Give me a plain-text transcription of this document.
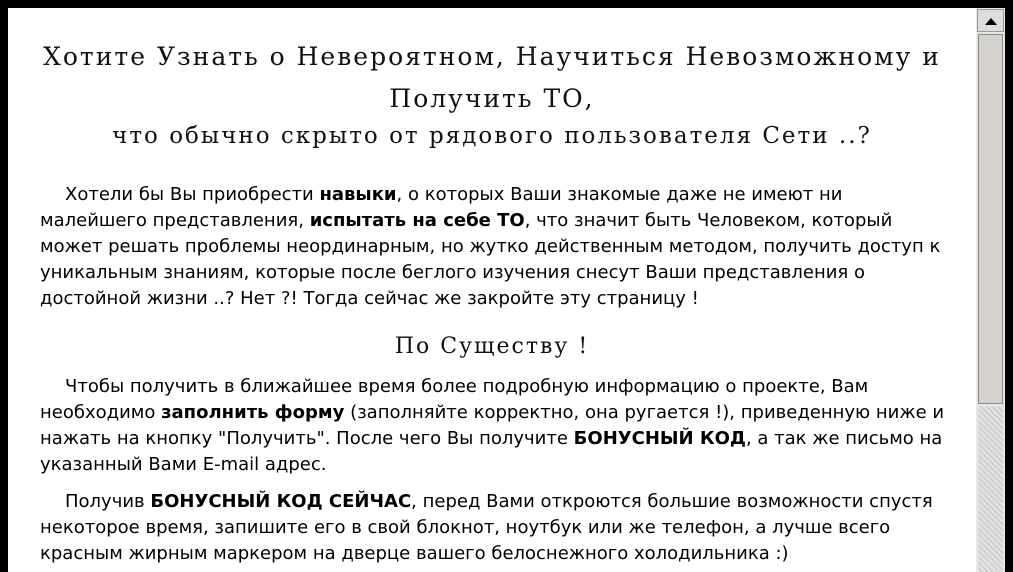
Хотите Узнать о Невероятном, Научиться Невозможному и Получить ТО,
что обычно скрыто от рядового пользователя Сети ..?

Хотели бы Вы приобрести навыки, о которых Ваши знакомые даже не имеют ни малейшего представления, испытать на себе ТО, что значит быть Человеком, который может решать проблемы неординарным, но жутко действенным методом, получить доступ к уникальным знаниям, которые после беглого изучения снесут Ваши представления о достойной жизни ..? Нет ?! Тогда сейчас же закройте эту страницу !

По Существу !

Чтобы получить в ближайшее время более подробную информацию о проекте, Вам необходимо заполнить форму (заполняйте корректно, она ругается !), приведенную ниже и нажать на кнопку "Получить". После чего Вы получите БОНУСНЫЙ КОД, а так же письмо на указанный Вами E-mail адрес.

Получив БОНУСНЫЙ КОД СЕЙЧАС, перед Вами откроются большие возможности спустя некоторое время, запишите его в свой блокнот, ноутбук или же телефон, а лучше всего красным жирным маркером на дверце вашего белоснежного холодильника :)
